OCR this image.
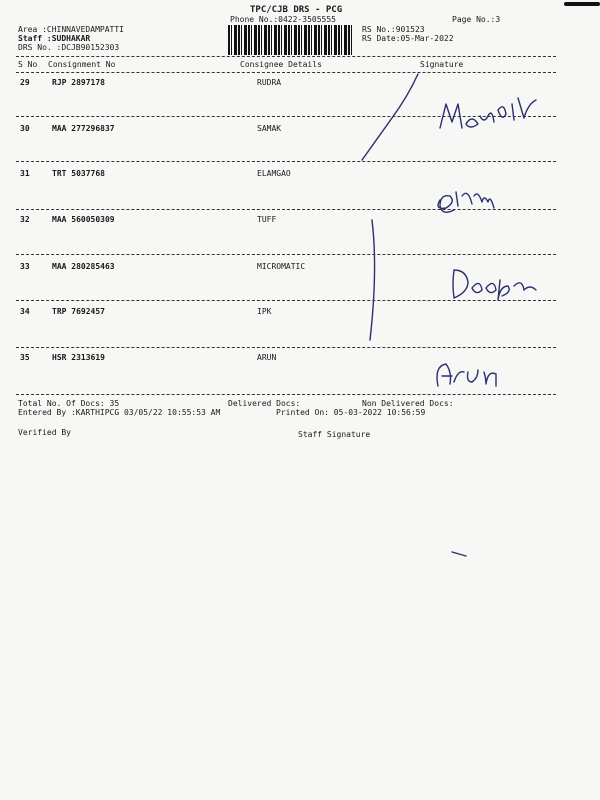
TPC/CJB DRS - PCG
Phone No.:0422-3505555	Page No.:3
Area :CHINNAVEDAMPATTI
Staff :SUDHAKAR
DRS No. :DCJB90152303
RS No.:901523
RS Date:05-Mar-2022
S No Consignment No	Consignee Details	Signature
29	RJP 2897178	RUDRA
30	MAA 277296837	SAMAK
31	TRT 5037768	ELAMGAO
32	MAA 560050309	TUFF
33	MAA 280285463	MICROMATIC
34	TRP 7692457	IPK
35	HSR 2313619	ARUN
Total No. Of Docs: 35	Delivered Docs:	Non Delivered Docs:
Entered By :KARTHIPCG 03/05/22 10:55:53 AM	Printed On: 05-03-2022 10:56:59
Verified By	Staff Signature
